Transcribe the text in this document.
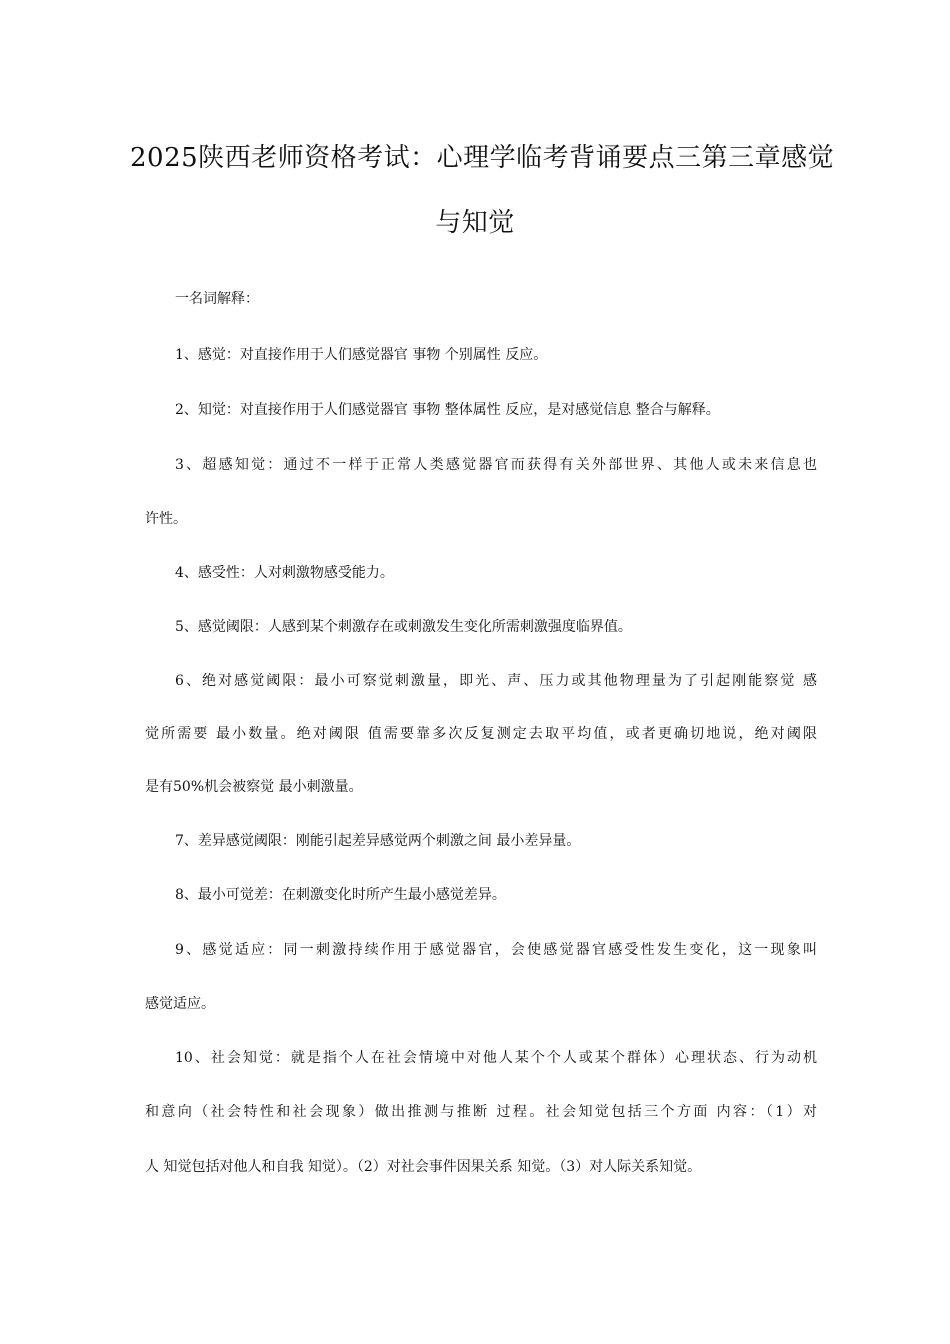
2025陕西老师资格考试：心理学临考背诵要点三第三章感觉
与知觉
一名词解释：
1、感觉：对直接作用于人们感觉器官 事物 个别属性 反应。
2、知觉：对直接作用于人们感觉器官 事物 整体属性 反应，是对感觉信息 整合与解释。
3、超感知觉：通过不一样于正常人类感觉器官而获得有关外部世界、其他人或未来信息也
许性。
4、感受性：人对刺激物感受能力。
5、感觉阈限：人感到某个刺激存在或刺激发生变化所需刺激强度临界值。
6、绝对感觉阈限：最小可察觉刺激量，即光、声、压力或其他物理量为了引起刚能察觉 感
觉所需要 最小数量。绝对阈限 值需要靠多次反复测定去取平均值，或者更确切地说，绝对阈限
是有50%机会被察觉 最小刺激量。
7、差异感觉阈限：刚能引起差异感觉两个刺激之间 最小差异量。
8、最小可觉差：在刺激变化时所产生最小感觉差异。
9、感觉适应：同一刺激持续作用于感觉器官，会使感觉器官感受性发生变化，这一现象叫
感觉适应。
10、社会知觉：就是指个人在社会情境中对他人某个个人或某个群体）心理状态、行为动机
和意向（社会特性和社会现象）做出推测与推断 过程。社会知觉包括三个方面 内容：（1）对
人 知觉包括对他人和自我 知觉）。（2）对社会事件因果关系 知觉。（3）对人际关系知觉。
